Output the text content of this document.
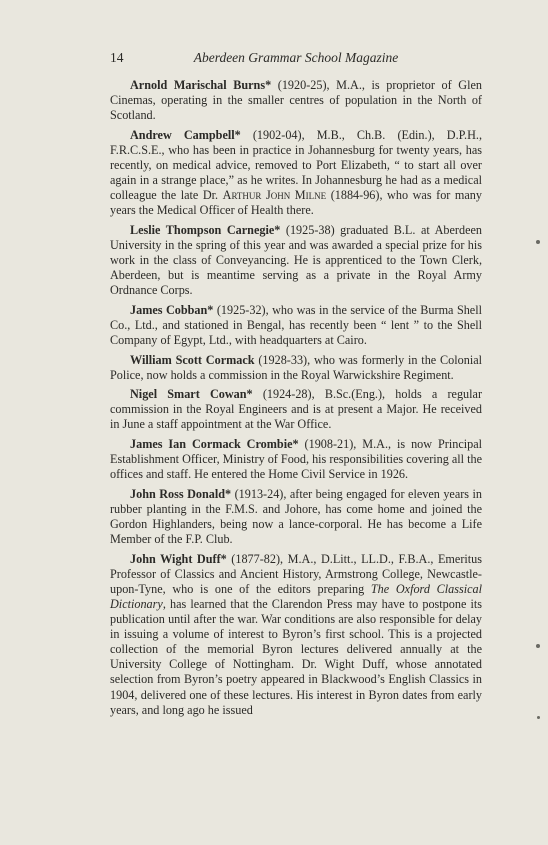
14	Aberdeen Grammar School Magazine

Arnold Marischal Burns* (1920-25), M.A., is proprietor of Glen Cinemas, operating in the smaller centres of population in the North of Scotland.

Andrew Campbell* (1902-04), M.B., Ch.B. (Edin.), D.P.H., F.R.C.S.E., who has been in practice in Johannesburg for twenty years, has recently, on medical advice, removed to Port Elizabeth, “ to start all over again in a strange place,” as he writes. In Johannesburg he had as a medical colleague the late Dr. Arthur John Milne (1884-96), who was for many years the Medical Officer of Health there.

Leslie Thompson Carnegie* (1925-38) graduated B.L. at Aberdeen University in the spring of this year and was awarded a special prize for his work in the class of Conveyancing. He is apprenticed to the Town Clerk, Aberdeen, but is meantime serving as a private in the Royal Army Ordnance Corps.

James Cobban* (1925-32), who was in the service of the Burma Shell Co., Ltd., and stationed in Bengal, has recently been “ lent ” to the Shell Company of Egypt, Ltd., with headquarters at Cairo.

William Scott Cormack (1928-33), who was formerly in the Colonial Police, now holds a commission in the Royal Warwickshire Regiment.

Nigel Smart Cowan* (1924-28), B.Sc.(Eng.), holds a regular commission in the Royal Engineers and is at present a Major. He received in June a staff appointment at the War Office.

James Ian Cormack Crombie* (1908-21), M.A., is now Principal Establishment Officer, Ministry of Food, his responsibilities covering all the offices and staff. He entered the Home Civil Service in 1926.

John Ross Donald* (1913-24), after being engaged for eleven years in rubber planting in the F.M.S. and Johore, has come home and joined the Gordon Highlanders, being now a lance-corporal. He has become a Life Member of the F.P. Club.

John Wight Duff* (1877-82), M.A., D.Litt., LL.D., F.B.A., Emeritus Professor of Classics and Ancient History, Armstrong College, Newcastle-upon-Tyne, who is one of the editors preparing The Oxford Classical Dictionary, has learned that the Clarendon Press may have to postpone its publication until after the war. War conditions are also responsible for delay in issuing a volume of interest to Byron’s first school. This is a projected collection of the memorial Byron lectures delivered annually at the University College of Nottingham. Dr. Wight Duff, whose annotated selection from Byron’s poetry appeared in Blackwood’s English Classics in 1904, delivered one of these lectures. His interest in Byron dates from early years, and long ago he issued
